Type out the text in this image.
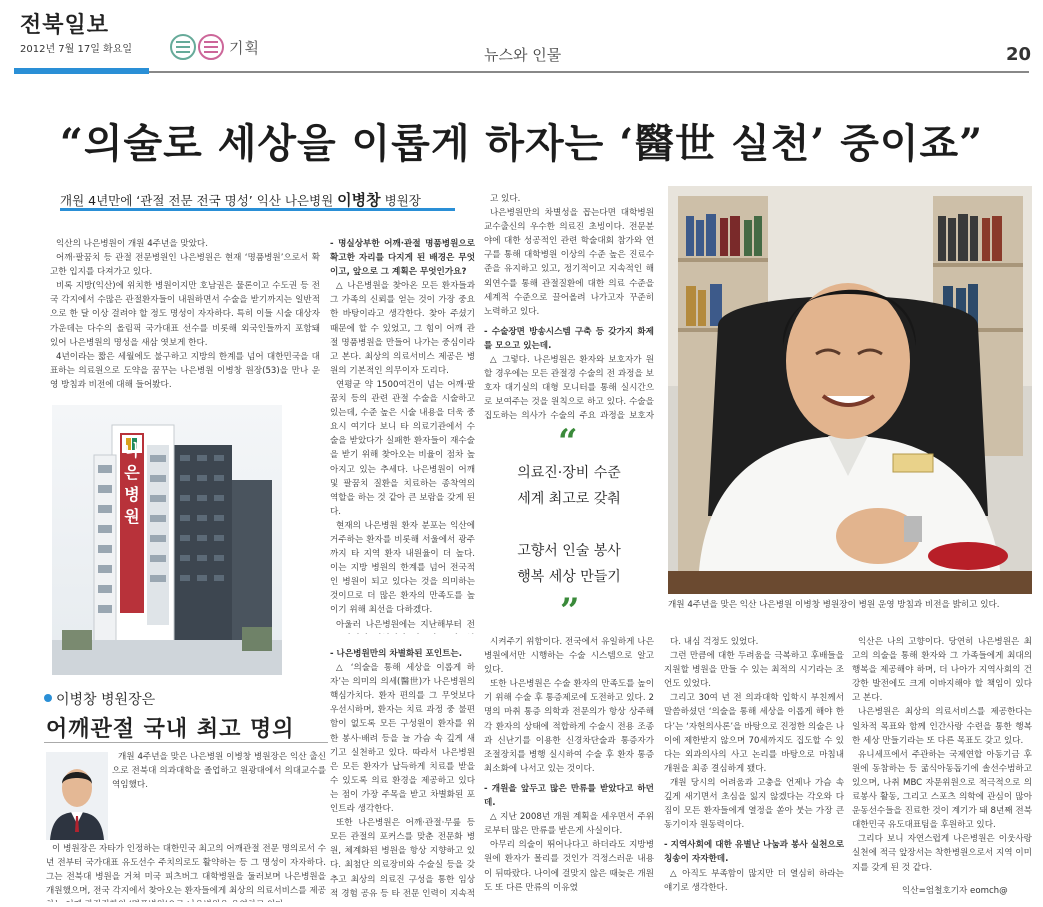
전북일보
2012년 7월 17일 화요일	기획	뉴스와 인물	20
“의술로 세상을 이롭게 하자는 ‘醫世 실천’ 중이죠”
개원 4년만에 ‘관절 전문 전국 명성’ 익산 나은병원 이병창 병원장

익산의 나은병원이 개원 4주년을 맞았다.

어깨·팔꿈치 등 관절 전문병원인 나은병원은 현재 ‘명품병원’으로서 확고한 입지를 다져가고 있다.

비록 지방(익산)에 위치한 병원이지만 호남권은 물론이고 수도권 등 전국 각지에서 수많은 관절환자들이 내원하면서 수술을 받기까지는 일반적으로 한 달 이상 걸려야 할 정도 명성이 자자하다. 특히 이들 시술 대상자 가운데는 다수의 올림픽 국가대표 선수를 비롯해 외국인들까지 포함돼 있어 나은병원의 명성을 새삼 엿보게 한다.

4년이라는 짧은 세월에도 불구하고 지방의 한계를 넘어 대한민국을 대표하는 의료원으로 도약을 꿈꾸는 나은병원 이병창 원장(53)을 만나 운영 방침과 비전에 대해 들어봤다.

나은병원
이병창 병원장은
어깨관절 국내 최고 명의

개원 4주년을 맞은 나은병원 이병창 병원장은 익산 출신으로 전북대 의과대학을 졸업하고 원광대에서 의대교수를 역임했다.

이 병원장은 자타가 인정하는 대한민국 최고의 어깨관절 전문 명의로서 수년 전부터 국가대표 유도선수 주치의로도 활약하는 등 그 명성이 자자하다. 그는 전북대 병원을 거쳐 미국 피츠버그 대학병원을 둘러보며 나은병원을 개원했으며, 전국 각지에서 찾아오는 환자들에게 최상의 의료서비스를 제공

- 명실상부한 어깨·관절 명품병원으로 확고한 자리를 다지게 된 배경은 무엇이고, 앞으로 그 계획은 무엇인가요?

△ 나은병원을 찾아온 모든 환자들과 그 가족의 신뢰를 얻는 것이 가장 중요한 바탕이라고 생각한다. 찾아 주셨기 때문에 할 수 있었고, 그 힘이 어깨 관절 명품병원을 만들어 나가는 중심이라고 본다. 최상의 의료서비스 제공은 병원의 기본적인 의무이자 도리다.

연평균 약 1500여건이 넘는 어깨·팔꿈치 등의 관련 관절 수술을 시술하고 있는데, 수준 높은 시술 내용을 더욱 중요시 여기다 보니 타 의료기관에서 수술을 받았다가 실패한 환자들이 재수술을 받기 위해 찾아오는 비율이 점차 높아지고 있는 추세다. 나은병원이 어깨 및 팔꿈치 질환을 치료하는 종착역의 역할을 하는 것 같아 큰 보람을 갖게 된다.

현재의 나은병원 환자 분포는 익산에 거주하는 환자를 비롯해 서울에서 광주까지 타 지역 환자 내원율이 더 높다. 이는 지방 병원의 한계를 넘어 전국적인 병원이 되고 있다는 것을 의미하는 것이므로 더 많은 환자의 만족도를 높이기 위해 최선을 다하겠다.

아울러 나은병원에는 지난해부터 전

- 나은병원만의 차별화된 포인트는.

△ ‘의술을 통해 세상을 이롭게 하자’는 의미의 의세(醫世)가 나은병원의 핵심가치다. 환자 편의를 그 무엇보다 우선시하며, 환자는 치료 과정 중 불편함이 없도록 모든 구성원이 환자를 위한 봉사·배려 등을 늘 가슴 속 깊게 새기고 실천하고 있다. 따라서 나은병원은 모든 환자가 납득하게 치료를 받을 수 있도록 의료 환경을 제공하고 있다는 점이 가장 주목을 받고 차별화된 포인트라 생각한다.

또한 나은병원은 어깨·관절·무릎 등 모든 관절의 포커스를 맞춘 전문화 병원, 체계화된 병원을 항상 지향하고 있다. 최첨단 의료장비와 수술실 등을 갖추고 최상의 의료진 구성을 통한 임상적 경험 공유 등 타 전문 인력이 지속적

고 있다.

나은병원만의 차별성을 꼽는다면 대학병원 교수출신의 우수한 의료진 초빙이다. 전문분야에 대한 성공적인 관련 학술대회 참가와 연구를 통해 대학병원 이상의 수준 높은 진료수준을 유지하고 있고, 정기적이고 지속적인 해외연수를 통해 관절질환에 대한 의료 수준을 세계적 수준으로 끌어올려 나가고자 꾸준히 노력하고 있다.

- 수술장면 방송시스템 구축 등 갖가지 화제를 모으고 있는데.

△ 그렇다. 나은병원은 환자와 보호자가 원할 경우에는 모든 관절경 수술의 전 과정을 보호자 대기실의 대형 모니터를 통해 실시간으로 보여주는 것을 원칙으로 하고 있다. 수술을 집도하는 의사가 수술의 주요 과정을 보호자

“
의료진·장비 수준
세계 최고로 갖춰
고향서 인술 봉사
행복 세상 만들기
”

시켜주기 위함이다. 전국에서 유일하게 나은병원에서만 시행하는 수술 시스템으로 알고 있다.

또한 나은병원은 수술 환자의 만족도를 높이기 위해 수술 후 통증제로에 도전하고 있다. 2명의 마취 통증 의학과 전문의가 항상 상주해 각 환자의 상태에 적합하게 수술시 전용 조종과 신난기를 이용한 신경차단술과 통증자가 조절장치를 병행 실시하여 수술 후 환자 통증 최소화에 나서고 있는 것이다.

- 개원을 앞두고 많은 만류를 받았다고 하던데.

△ 지난 2008년 개원 계획을 세우면서 주위로부터 많은 만류를 받은게 사실이다.

아무리 의술이 뛰어나다고 하더라도 지방병원에 환자가 몰리를 것인가 걱정스러운 내용이 뒤따랐다. 나이에 걸맞지 않은 때늦은 개원도 또 다른 만류의 이유였

다. 내심 걱정도 있었다.

그런 만큼에 대한 두려움을 극복하고 후배들을 지원할 병원을 만들 수 있는 최적의 시기라는 조언도 있었다.

그리고 30여 년 전 의과대학 입학시 부친께서 말씀하셨던 ‘의술을 통해 세상을 이롭게 해야 한다’는 ‘자헌의사론’을 바탕으로 진정한 의술은 나이에 제한받지 않으며 70세까지도 집도할 수 있다는 외과의사의 사고 논리를 바탕으로 마침내 개원을 최종 결심하게 됐다.

개원 당시의 어려움과 고충을 언제나 가슴 속 깊게 새기면서 초심을 잃지 않겠다는 각오와 다짐이 모든 환자들에게 열정을 쏟아 붓는 가장 큰 동기이자 원동력이다.

- 지역사회에 대한 유별난 나눔과 봉사 실천으로 칭송이 자자한데.

△ 아직도 부족함이 많지만 더 열심히 하라는 얘기로 생각한다.

익산은 나의 고향이다. 당연히 나은병원은 최고의 의술을 통해 환자와 그 가족들에게 최대의 행복을 제공해야 하며, 더 나아가 지역사회의 건강한 발전에도 크게 이바지해야 할 책임이 있다고 본다.

나은병원은 최상의 의료서비스를 제공한다는 일차적 목표와 함께 인간사랑 수련을 통한 행복한 세상 만들기라는 또 다른 목표도 갖고 있다.

유니세프에서 주관하는 국제연합 아동기금 후원에 동참하는 등 굶식아동돕기에 솔선수범하고 있으며, 나취 MBC 자문위원으로 적극적으로 의료봉사 활동, 그리고 스포츠 의학에 관심이 많아 운동선수들을 진료한 것이 계기가 돼 8년째 전북 대한민국 유도대표팀을 후원하고 있다.

그리다 보니 자연스럽게 나은병원은 이웃사랑 실천에 적극 앞장서는 착한병원으로서 지역 이미지를 갖게 된 것 같다.

개원 4주년을 맞은 익산 나은병원 이병창 병원장이 병원 운영 방침과 비전을 밝히고 있다.
익산=엄철호기자 eomch@
